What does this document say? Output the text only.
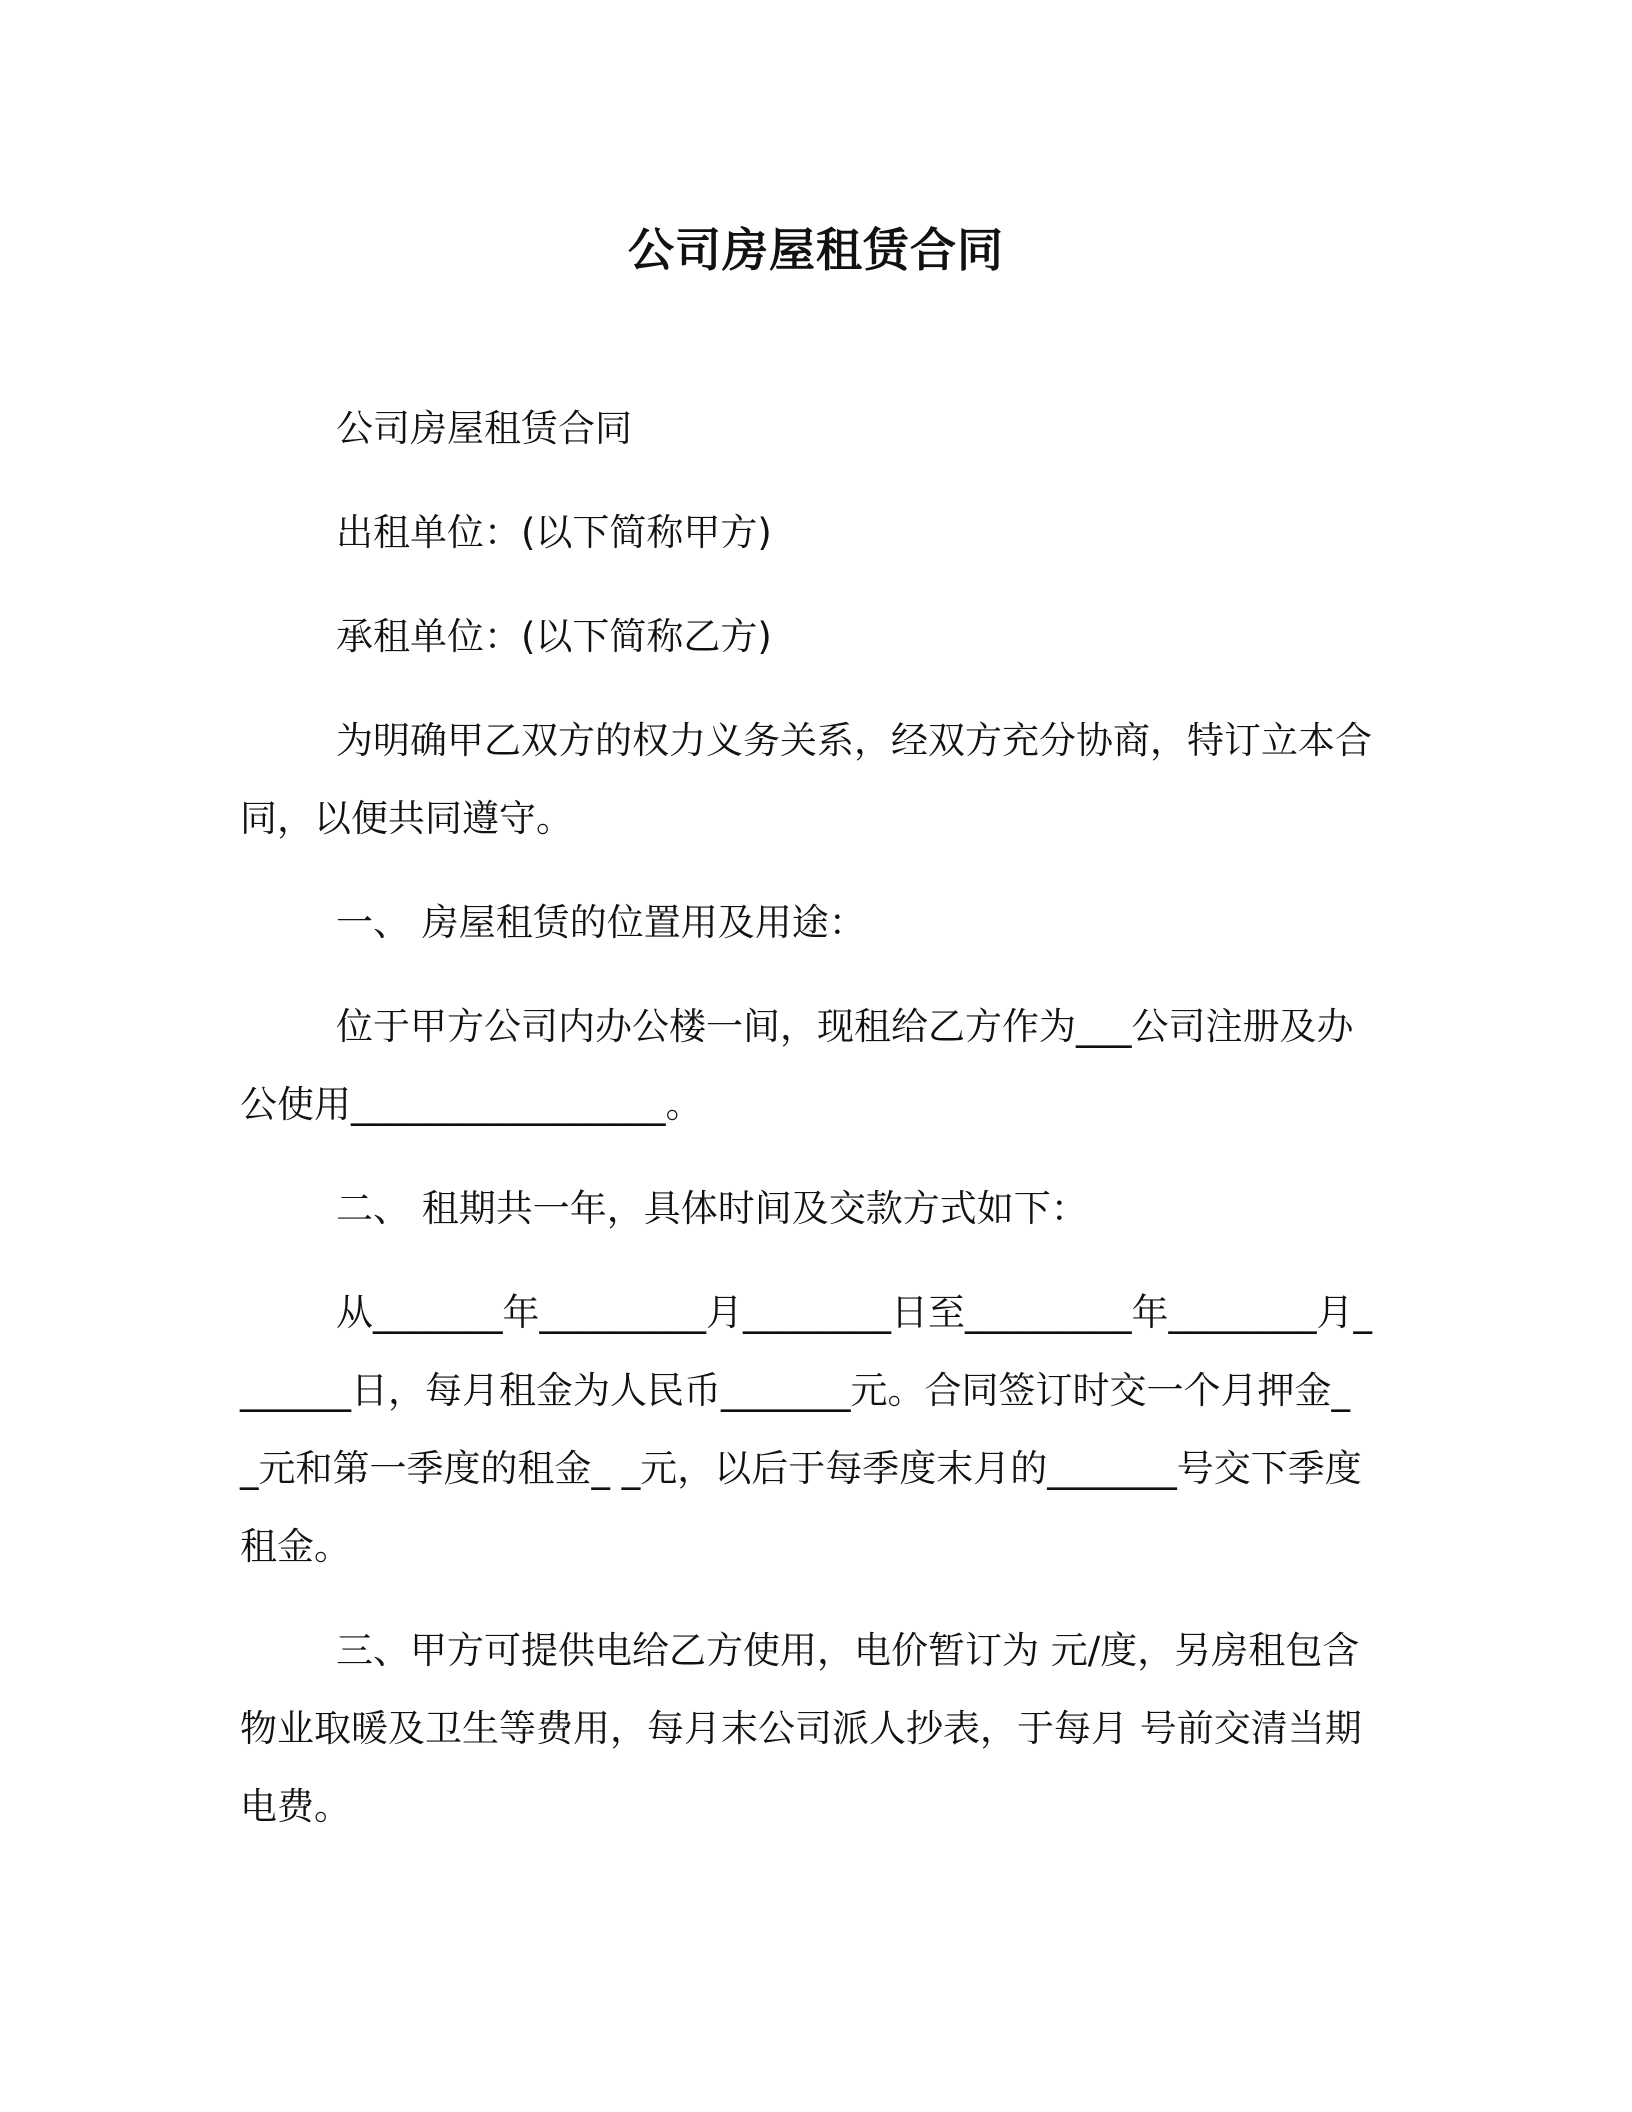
公司房屋租赁合同

公司房屋租赁合同

出租单位：(以下简称甲方)

承租单位：(以下简称乙方)

为明确甲乙双方的权力义务关系，经双方充分协商，特订立本合同，以便共同遵守。

一、 房屋租赁的位置用及用途：

位于甲方公司内办公楼一间，现租给乙方作为___公司注册及办公使用_________________。

二、 租期共一年，具体时间及交款方式如下：

从_______年_________月________日至_________年________月_______日，每月租金为人民币_______元。合同签订时交一个月押金_ _元和第一季度的租金_ _元，以后于每季度末月的_______号交下季度租金。

三、甲方可提供电给乙方使用，电价暂订为 元/度，另房租包含物业取暖及卫生等费用，每月末公司派人抄表，于每月 号前交清当期电费。
